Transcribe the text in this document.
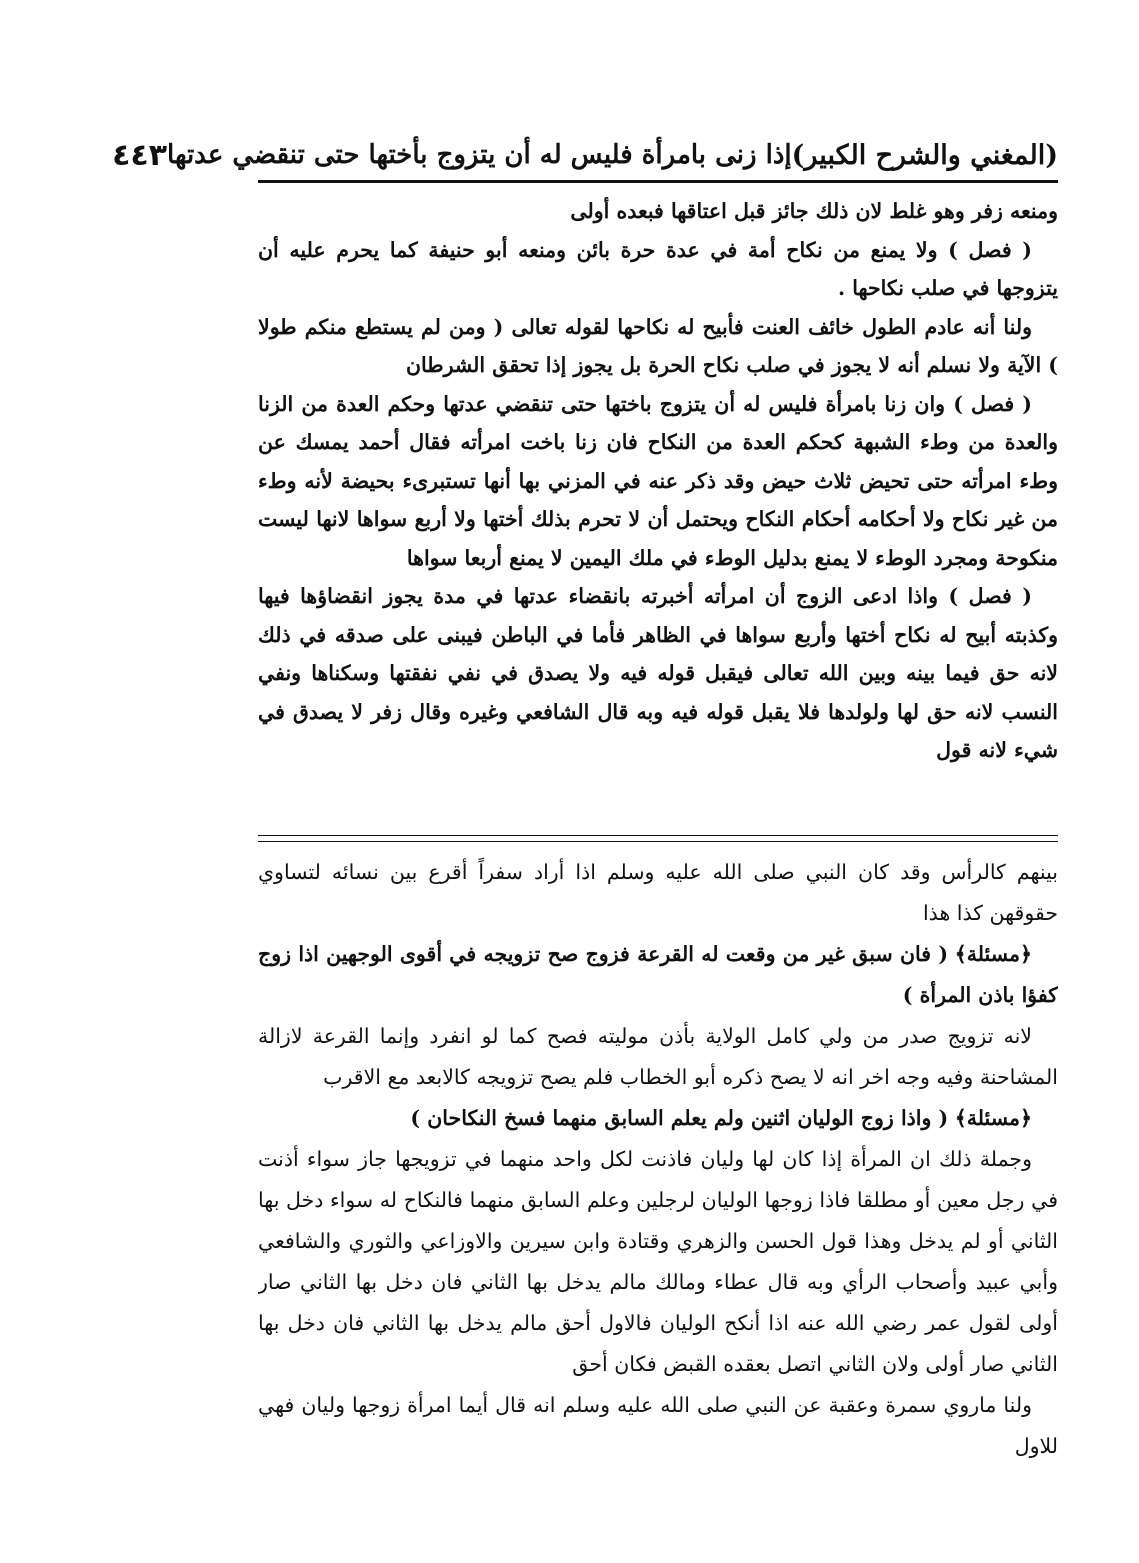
(المغني والشرح الكبير)
إذا زنى بامرأة فليس له أن يتزوج بأختها حتى تنقضي عدتها
٤٤٣

ومنعه زفر وهو غلط لان ذلك جائز قبل اعتاقها فبعده أولى

( فصل ) ولا يمنع من نكاح أمة في عدة حرة بائن ومنعه أبو حنيفة كما يحرم عليه أن يتزوجها في صلب نكاحها .

ولنا أنه عادم الطول خائف العنت فأبيح له نكاحها لقوله تعالى ( ومن لم يستطع منكم طولا ) الآية ولا نسلم أنه لا يجوز في صلب نكاح الحرة بل يجوز إذا تحقق الشرطان

( فصل ) وان زنا بامرأة فليس له أن يتزوج باختها حتى تنقضي عدتها وحكم العدة من الزنا والعدة من وطء الشبهة كحكم العدة من النكاح فان زنا باخت امرأته فقال أحمد يمسك عن وطء امرأته حتى تحيض ثلاث حيض وقد ذكر عنه في المزني بها أنها تستبرىء بحيضة لأنه وطء من غير نكاح ولا أحكامه أحكام النكاح ويحتمل أن لا تحرم بذلك أختها ولا أربع سواها لانها ليست منكوحة ومجرد الوطء لا يمنع بدليل الوطء في ملك اليمين لا يمنع أربعا سواها

( فصل ) واذا ادعى الزوج أن امرأته أخبرته بانقضاء عدتها في مدة يجوز انقضاؤها فيها وكذبته أبيح له نكاح أختها وأربع سواها في الظاهر فأما في الباطن فيبنى على صدقه في ذلك لانه حق فيما بينه وبين الله تعالى فيقبل قوله فيه ولا يصدق في نفي نفقتها وسكناها ونفي النسب لانه حق لها ولولدها فلا يقبل قوله فيه وبه قال الشافعي وغيره وقال زفر لا يصدق في شيء لانه قول

بينهم كالرأس وقد كان النبي صلى الله عليه وسلم اذا أراد سفراً أقرع بين نسائه لتساوي حقوقهن كذا هذا

﴿مسئلة﴾ ( فان سبق غير من وقعت له القرعة فزوج صح تزويجه في أقوى الوجهين اذا زوج كفؤا باذن المرأة )

لانه تزويج صدر من ولي كامل الولاية بأذن موليته فصح كما لو انفرد وإنما القرعة لازالة المشاحنة وفيه وجه اخر انه لا يصح ذكره أبو الخطاب فلم يصح تزويجه كالابعد مع الاقرب

﴿مسئلة﴾ ( واذا زوج الوليان اثنين ولم يعلم السابق منهما فسخ النكاحان )

وجملة ذلك ان المرأة إذا كان لها وليان فاذنت لكل واحد منهما في تزويجها جاز سواء أذنت في رجل معين أو مطلقا فاذا زوجها الوليان لرجلين وعلم السابق منهما فالنكاح له سواء دخل بها الثاني أو لم يدخل وهذا قول الحسن والزهري وقتادة وابن سيرين والاوزاعي والثوري والشافعي وأبي عبيد وأصحاب الرأي وبه قال عطاء ومالك مالم يدخل بها الثاني فان دخل بها الثاني صار أولى لقول عمر رضي الله عنه اذا أنكح الوليان فالاول أحق مالم يدخل بها الثاني فان دخل بها الثاني صار أولى ولان الثاني اتصل بعقده القبض فكان أحق

ولنا ماروي سمرة وعقبة عن النبي صلى الله عليه وسلم انه قال أيما امرأة زوجها وليان فهي للاول
